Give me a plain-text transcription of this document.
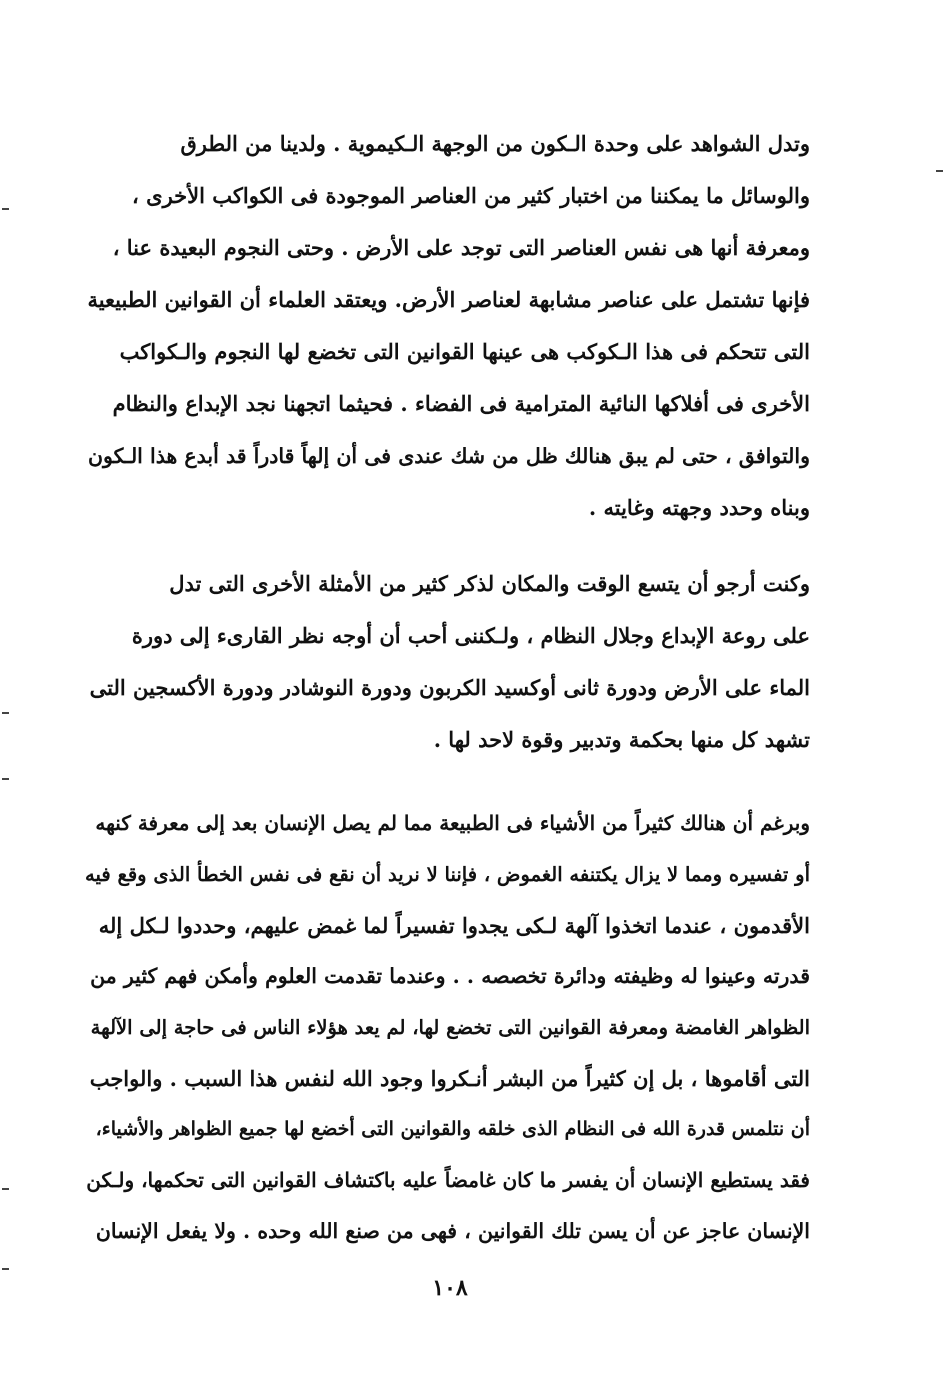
وتدل الشواهد على وحدة الـكون من الوجهة الـكيموية . ولدينا من الطرق
والوسائل ما يمكننا من اختبار كثير من العناصر الموجودة فى الكواكب الأخرى ،
ومعرفة أنها هى نفس العناصر التى توجد على الأرض . وحتى النجوم البعيدة عنا ،
فإنها تشتمل على عناصر مشابهة لعناصر الأرض. ويعتقد العلماء أن القوانين الطبيعية
التى تتحكم فى هذا الـكوكب هى عينها القوانين التى تخضع لها النجوم والـكواكب
الأخرى فى أفلاكها النائية المترامية فى الفضاء . فحيثما اتجهنا نجد الإبداع والنظام
والتوافق ، حتى لم يبق هنالك ظل من شك عندى فى أن إلهاً قادراً قد أبدع هذا الـكون
وبناه وحدد وجهته وغايته .
وكنت أرجو أن يتسع الوقت والمكان لذكر كثير من الأمثلة الأخرى التى تدل
على روعة الإبداع وجلال النظام ، ولـكننى أحب أن أوجه نظر القارىء إلى دورة
الماء على الأرض ودورة ثانى أوكسيد الكربون ودورة النوشادر ودورة الأكسجين التى
تشهد كل منها بحكمة وتدبير وقوة لاحد لها .
وبرغم أن هنالك كثيراً من الأشياء فى الطبيعة مما لم يصل الإنسان بعد إلى معرفة كنهه
أو تفسيره ومما لا يزال يكتنفه الغموض ، فإننا لا نريد أن نقع فى نفس الخطأ الذى وقع فيه
الأقدمون ، عندما اتخذوا آلهة لـكى يجدوا تفسيراً لما غمض عليهم، وحددوا لـكل إله
قدرته وعينوا له وظيفته ودائرة تخصصه . . وعندما تقدمت العلوم وأمكن فهم كثير من
الظواهر الغامضة ومعرفة القوانين التى تخضع لها، لم يعد هؤلاء الناس فى حاجة إلى الآلهة
التى أقاموها ، بل إن كثيراً من البشر أنـكروا وجود الله لنفس هذا السبب . والواجب
أن نتلمس قدرة الله فى النظام الذى خلقه والقوانين التى أخضع لها جميع الظواهر والأشياء،
فقد يستطيع الإنسان أن يفسر ما كان غامضاً عليه باكتشاف القوانين التى تحكمها، ولـكن
الإنسان عاجز عن أن يسن تلك القوانين ، فهى من صنع الله وحده . ولا يفعل الإنسان
١٠٨
